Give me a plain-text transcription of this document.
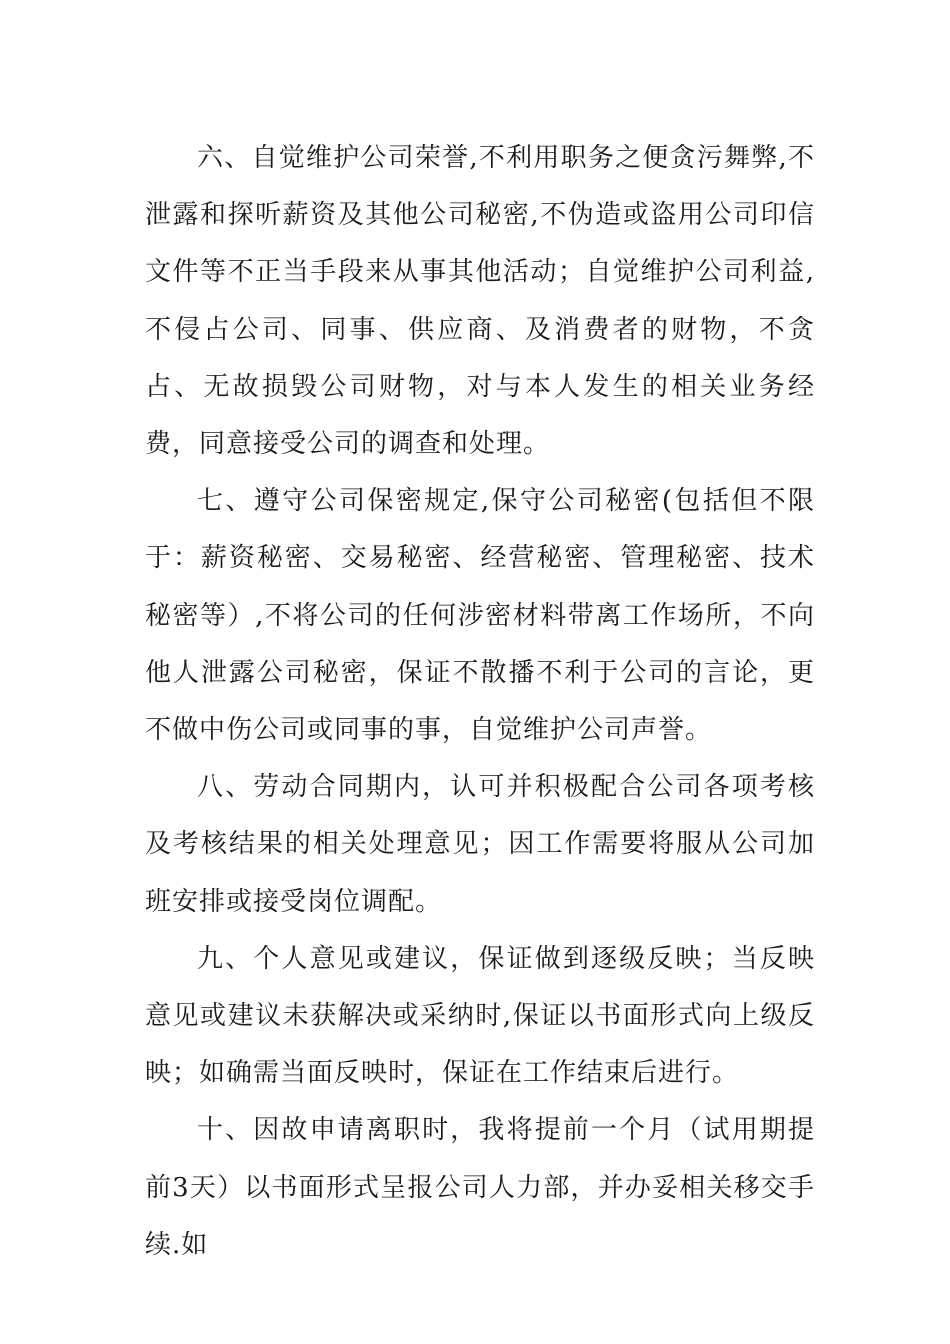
六、自觉维护公司荣誉,不利用职务之便贪污舞弊,不泄露和探听薪资及其他公司秘密,不伪造或盗用公司印信文件等不正当手段来从事其他活动；自觉维护公司利益,不侵占公司、同事、供应商、及消费者的财物，不贪占、无故损毁公司财物，对与本人发生的相关业务经费，同意接受公司的调查和处理。

七、遵守公司保密规定,保守公司秘密(包括但不限于：薪资秘密、交易秘密、经营秘密、管理秘密、技术秘密等）,不将公司的任何涉密材料带离工作场所，不向他人泄露公司秘密，保证不散播不利于公司的言论，更不做中伤公司或同事的事，自觉维护公司声誉。

八、劳动合同期内，认可并积极配合公司各项考核及考核结果的相关处理意见；因工作需要将服从公司加班安排或接受岗位调配。

九、个人意见或建议，保证做到逐级反映；当反映意见或建议未获解决或采纳时,保证以书面形式向上级反映；如确需当面反映时，保证在工作结束后进行。

十、因故申请离职时，我将提前一个月（试用期提前3天）以书面形式呈报公司人力部，并办妥相关移交手续.如
